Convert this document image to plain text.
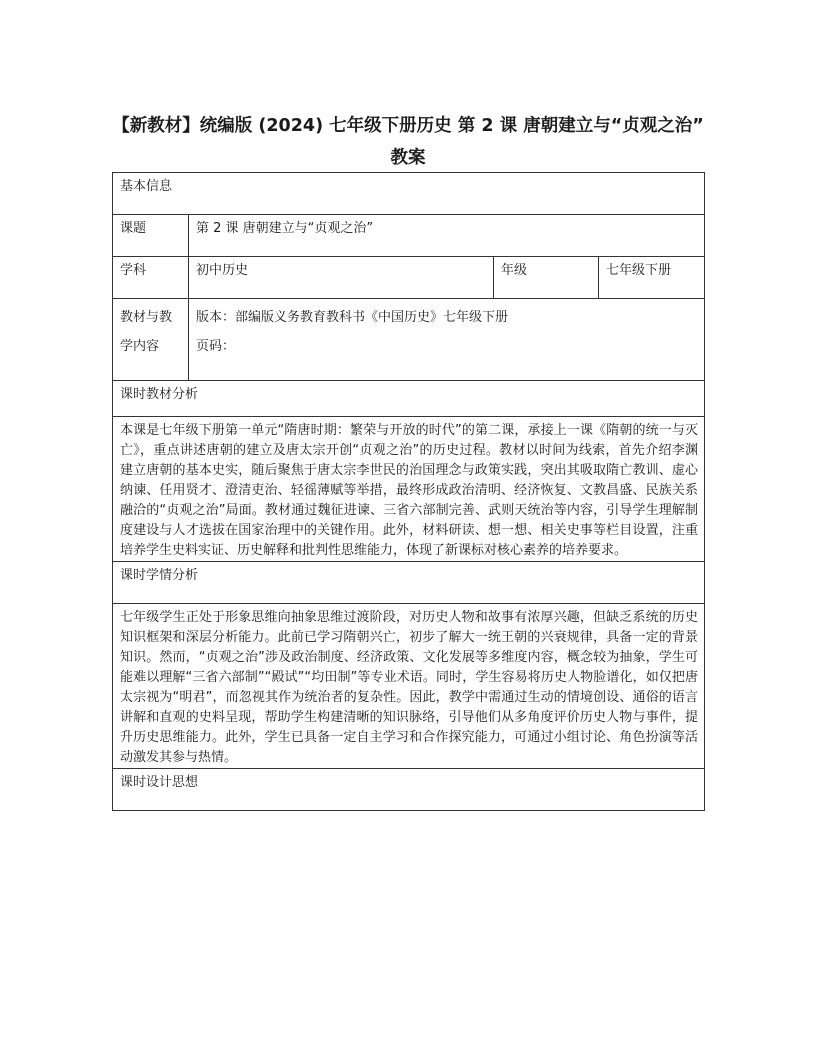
【新教材】统编版 (2024) 七年级下册历史 第 2 课 唐朝建立与“贞观之治” 教案
基本信息			
课题	第 2 课 唐朝建立与“贞观之治”		
学科	初中历史	年级	七年级下册
教材与教学内容	版本：部编版义务教育教科书《中国历史》七年级下册
页码：		

课时教材分析			
本课是七年级下册第一单元“隋唐时期：繁荣与开放的时代”的第二课，承接上一课《隋朝的统一与灭亡》，重点讲述唐朝的建立及唐太宗开创“贞观之治”的历史过程。教材以时间为线索，首先介绍李渊建立唐朝的基本史实，随后聚焦于唐太宗李世民的治国理念与政策实践，突出其吸取隋亡教训、虚心纳谏、任用贤才、澄清吏治、轻徭薄赋等举措，最终形成政治清明、经济恢复、文教昌盛、民族关系融洽的“贞观之治”局面。教材通过魏征进谏、三省六部制完善、武则天统治等内容，引导学生理解制度建设与人才选拔在国家治理中的关键作用。此外，材料研读、想一想、相关史事等栏目设置，注重培养学生史料实证、历史解释和批判性思维能力，体现了新课标对核心素养的培养要求。			
课时学情分析			
七年级学生正处于形象思维向抽象思维过渡阶段，对历史人物和故事有浓厚兴趣，但缺乏系统的历史知识框架和深层分析能力。此前已学习隋朝兴亡，初步了解大一统王朝的兴衰规律，具备一定的背景知识。然而，“贞观之治”涉及政治制度、经济政策、文化发展等多维度内容，概念较为抽象，学生可能难以理解“三省六部制”“殿试”“均田制”等专业术语。同时，学生容易将历史人物脸谱化，如仅把唐太宗视为“明君”，而忽视其作为统治者的复杂性。因此，教学中需通过生动的情境创设、通俗的语言讲解和直观的史料呈现，帮助学生构建清晰的知识脉络，引导他们从多角度评价历史人物与事件，提升历史思维能力。此外，学生已具备一定自主学习和合作探究能力，可通过小组讨论、角色扮演等活动激发其参与热情。			
课时设计思想			
